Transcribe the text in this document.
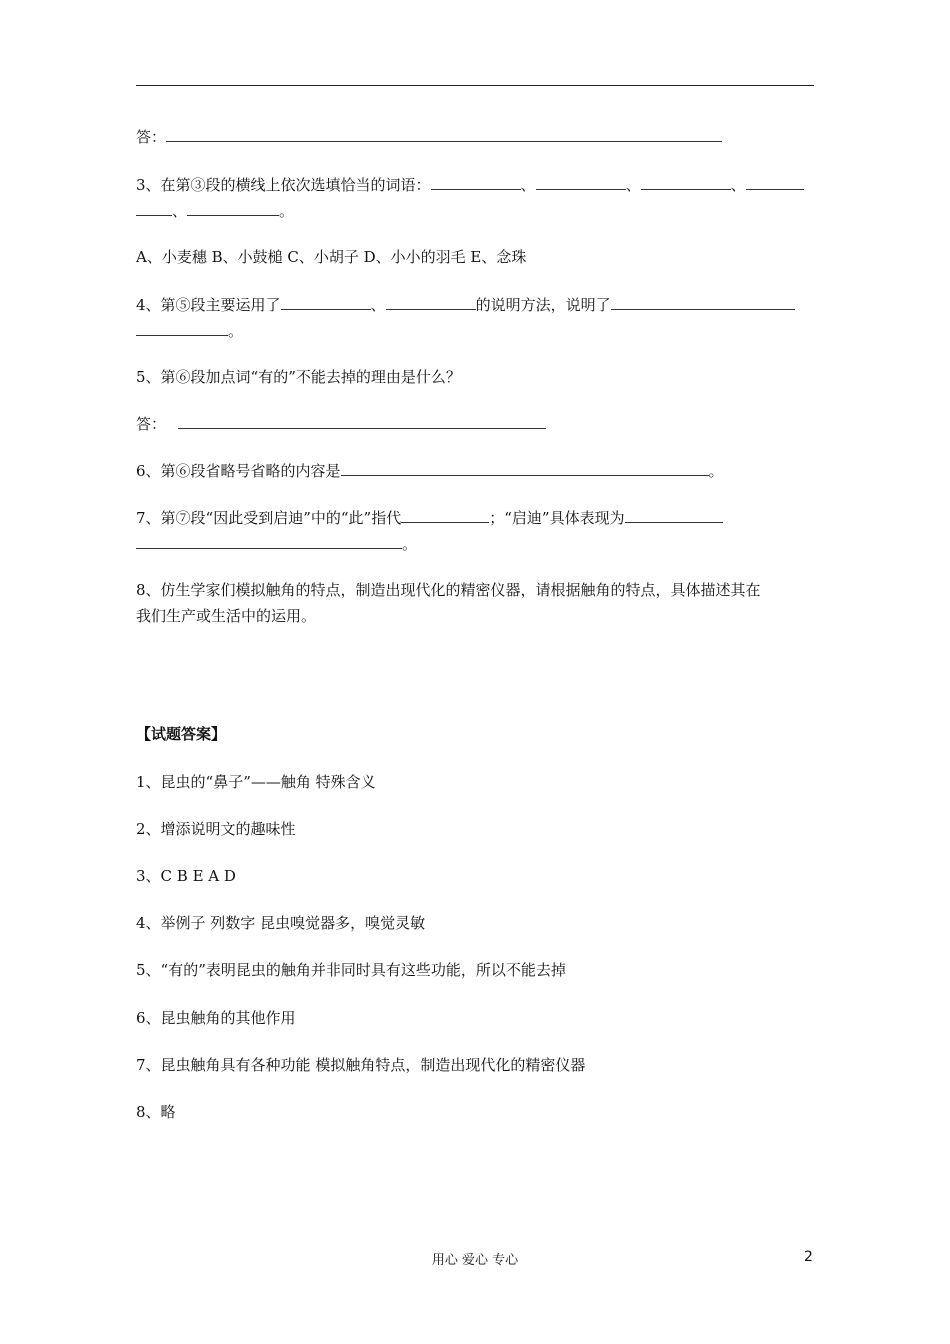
答：
3、在第③段的横线上依次选填恰当的词语：	、	、	、
、	。
A、小麦穗 B、小鼓槌 C、小胡子 D、小小的羽毛 E、念珠
4、第⑤段主要运用了	、	的说明方法，说明了
。
5、第⑥段加点词“有的”不能去掉的理由是什么？
答：
6、第⑥段省略号省略的内容是	。
7、第⑦段“因此受到启迪”中的“此”指代	；“启迪”具体表现为
。
8、仿生学家们模拟触角的特点，制造出现代化的精密仪器，请根据触角的特点，具体描述其在
我们生产或生活中的运用。
【试题答案】
1、昆虫的“鼻子”——触角 特殊含义
2、增添说明文的趣味性
3、C B E A D
4、举例子 列数字 昆虫嗅觉器多，嗅觉灵敏
5、“有的”表明昆虫的触角并非同时具有这些功能，所以不能去掉
6、昆虫触角的其他作用
7、昆虫触角具有各种功能 模拟触角特点，制造出现代化的精密仪器
8、略
用心 爱心 专心	2
